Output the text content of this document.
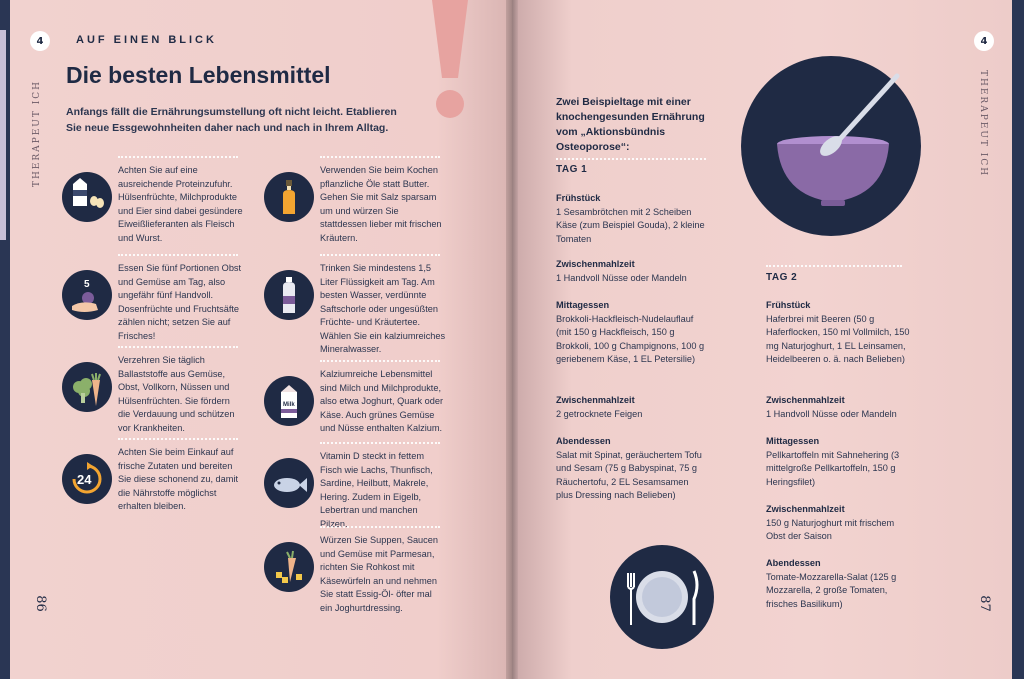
4	AUF EINEN BLICK
THERAPEUT ICH
86
Die besten Lebensmittel

Anfangs fällt die Ernährungsumstellung oft nicht leicht. Etablieren Sie neue Essgewohnheiten daher nach und nach in Ihrem Alltag.

Achten Sie auf eine ausreichende Proteinzufuhr. Hülsenfrüchte, Milchprodukte und Eier sind dabei gesündere Eiweißlieferanten als Fleisch und Wurst.
5
Essen Sie fünf Portionen Obst und Gemüse am Tag, also ungefähr fünf Handvoll. Dosenfrüchte und Fruchtsäfte zählen nicht; setzen Sie auf Frisches!
Verzehren Sie täglich Ballaststoffe aus Gemüse, Obst, Vollkorn, Nüssen und Hülsenfrüchten. Sie fördern die Verdauung und schützen vor Krankheiten.
24
Achten Sie beim Einkauf auf frische Zutaten und bereiten Sie diese schonend zu, damit die Nährstoffe möglichst erhalten bleiben.
Verwenden Sie beim Kochen pflanzliche Öle statt Butter. Gehen Sie mit Salz sparsam um und würzen Sie stattdessen lieber mit frischen Kräutern.
Trinken Sie mindestens 1,5 Liter Flüssigkeit am Tag. Am besten Wasser, verdünnte Saftschorle oder ungesüßten Früchte- und Kräutertee. Wählen Sie ein kalziumreiches Mineralwasser.
Milk
Kalziumreiche Lebensmittel sind Milch und Milchprodukte, also etwa Joghurt, Quark oder Käse. Auch grünes Gemüse und Nüsse enthalten Kalzium.
Vitamin D steckt in fettem Fisch wie Lachs, Thunfisch, Sardine, Heilbutt, Makrele, Hering. Zudem in Eigelb, Lebertran und manchen Pilzen.
Würzen Sie Suppen, Saucen und Gemüse mit Parmesan, richten Sie Rohkost mit Käsewürfeln an und nehmen Sie statt Essig-Öl- öfter mal ein Joghurtdressing.
4
THERAPEUT ICH
87

Zwei Beispieltage mit einer knochengesunden Ernährung vom „Aktionsbündnis Osteoporose“:

TAG 1
Frühstück
1 Sesambrötchen mit 2 Scheiben Käse (zum Beispiel Gouda), 2 kleine Tomaten
Zwischenmahlzeit
1 Handvoll Nüsse oder Mandeln
Mittagessen
Brokkoli-Hackfleisch-Nudelauflauf (mit 150 g Hackfleisch, 150 g Brokkoli, 100 g Champignons, 100 g geriebenem Käse, 1 EL Petersilie)
Zwischenmahlzeit
2 getrocknete Feigen
Abendessen
Salat mit Spinat, geräuchertem Tofu und Sesam (75 g Babyspinat, 75 g Räuchertofu, 2 EL Sesamsamen plus Dressing nach Belieben)
TAG 2
Frühstück
Haferbrei mit Beeren (50 g Haferflocken, 150 ml Vollmilch, 150 mg Naturjoghurt, 1 EL Leinsamen, Heidelbeeren o. ä. nach Belieben)
Zwischenmahlzeit
1 Handvoll Nüsse oder Mandeln
Mittagessen
Pellkartoffeln mit Sahnehering (3 mittelgroße Pellkartoffeln, 150 g Heringsfilet)
Zwischenmahlzeit
150 g Naturjoghurt mit frischem Obst der Saison
Abendessen
Tomate-Mozzarella-Salat (125 g Mozzarella, 2 große Tomaten, frisches Basilikum)
